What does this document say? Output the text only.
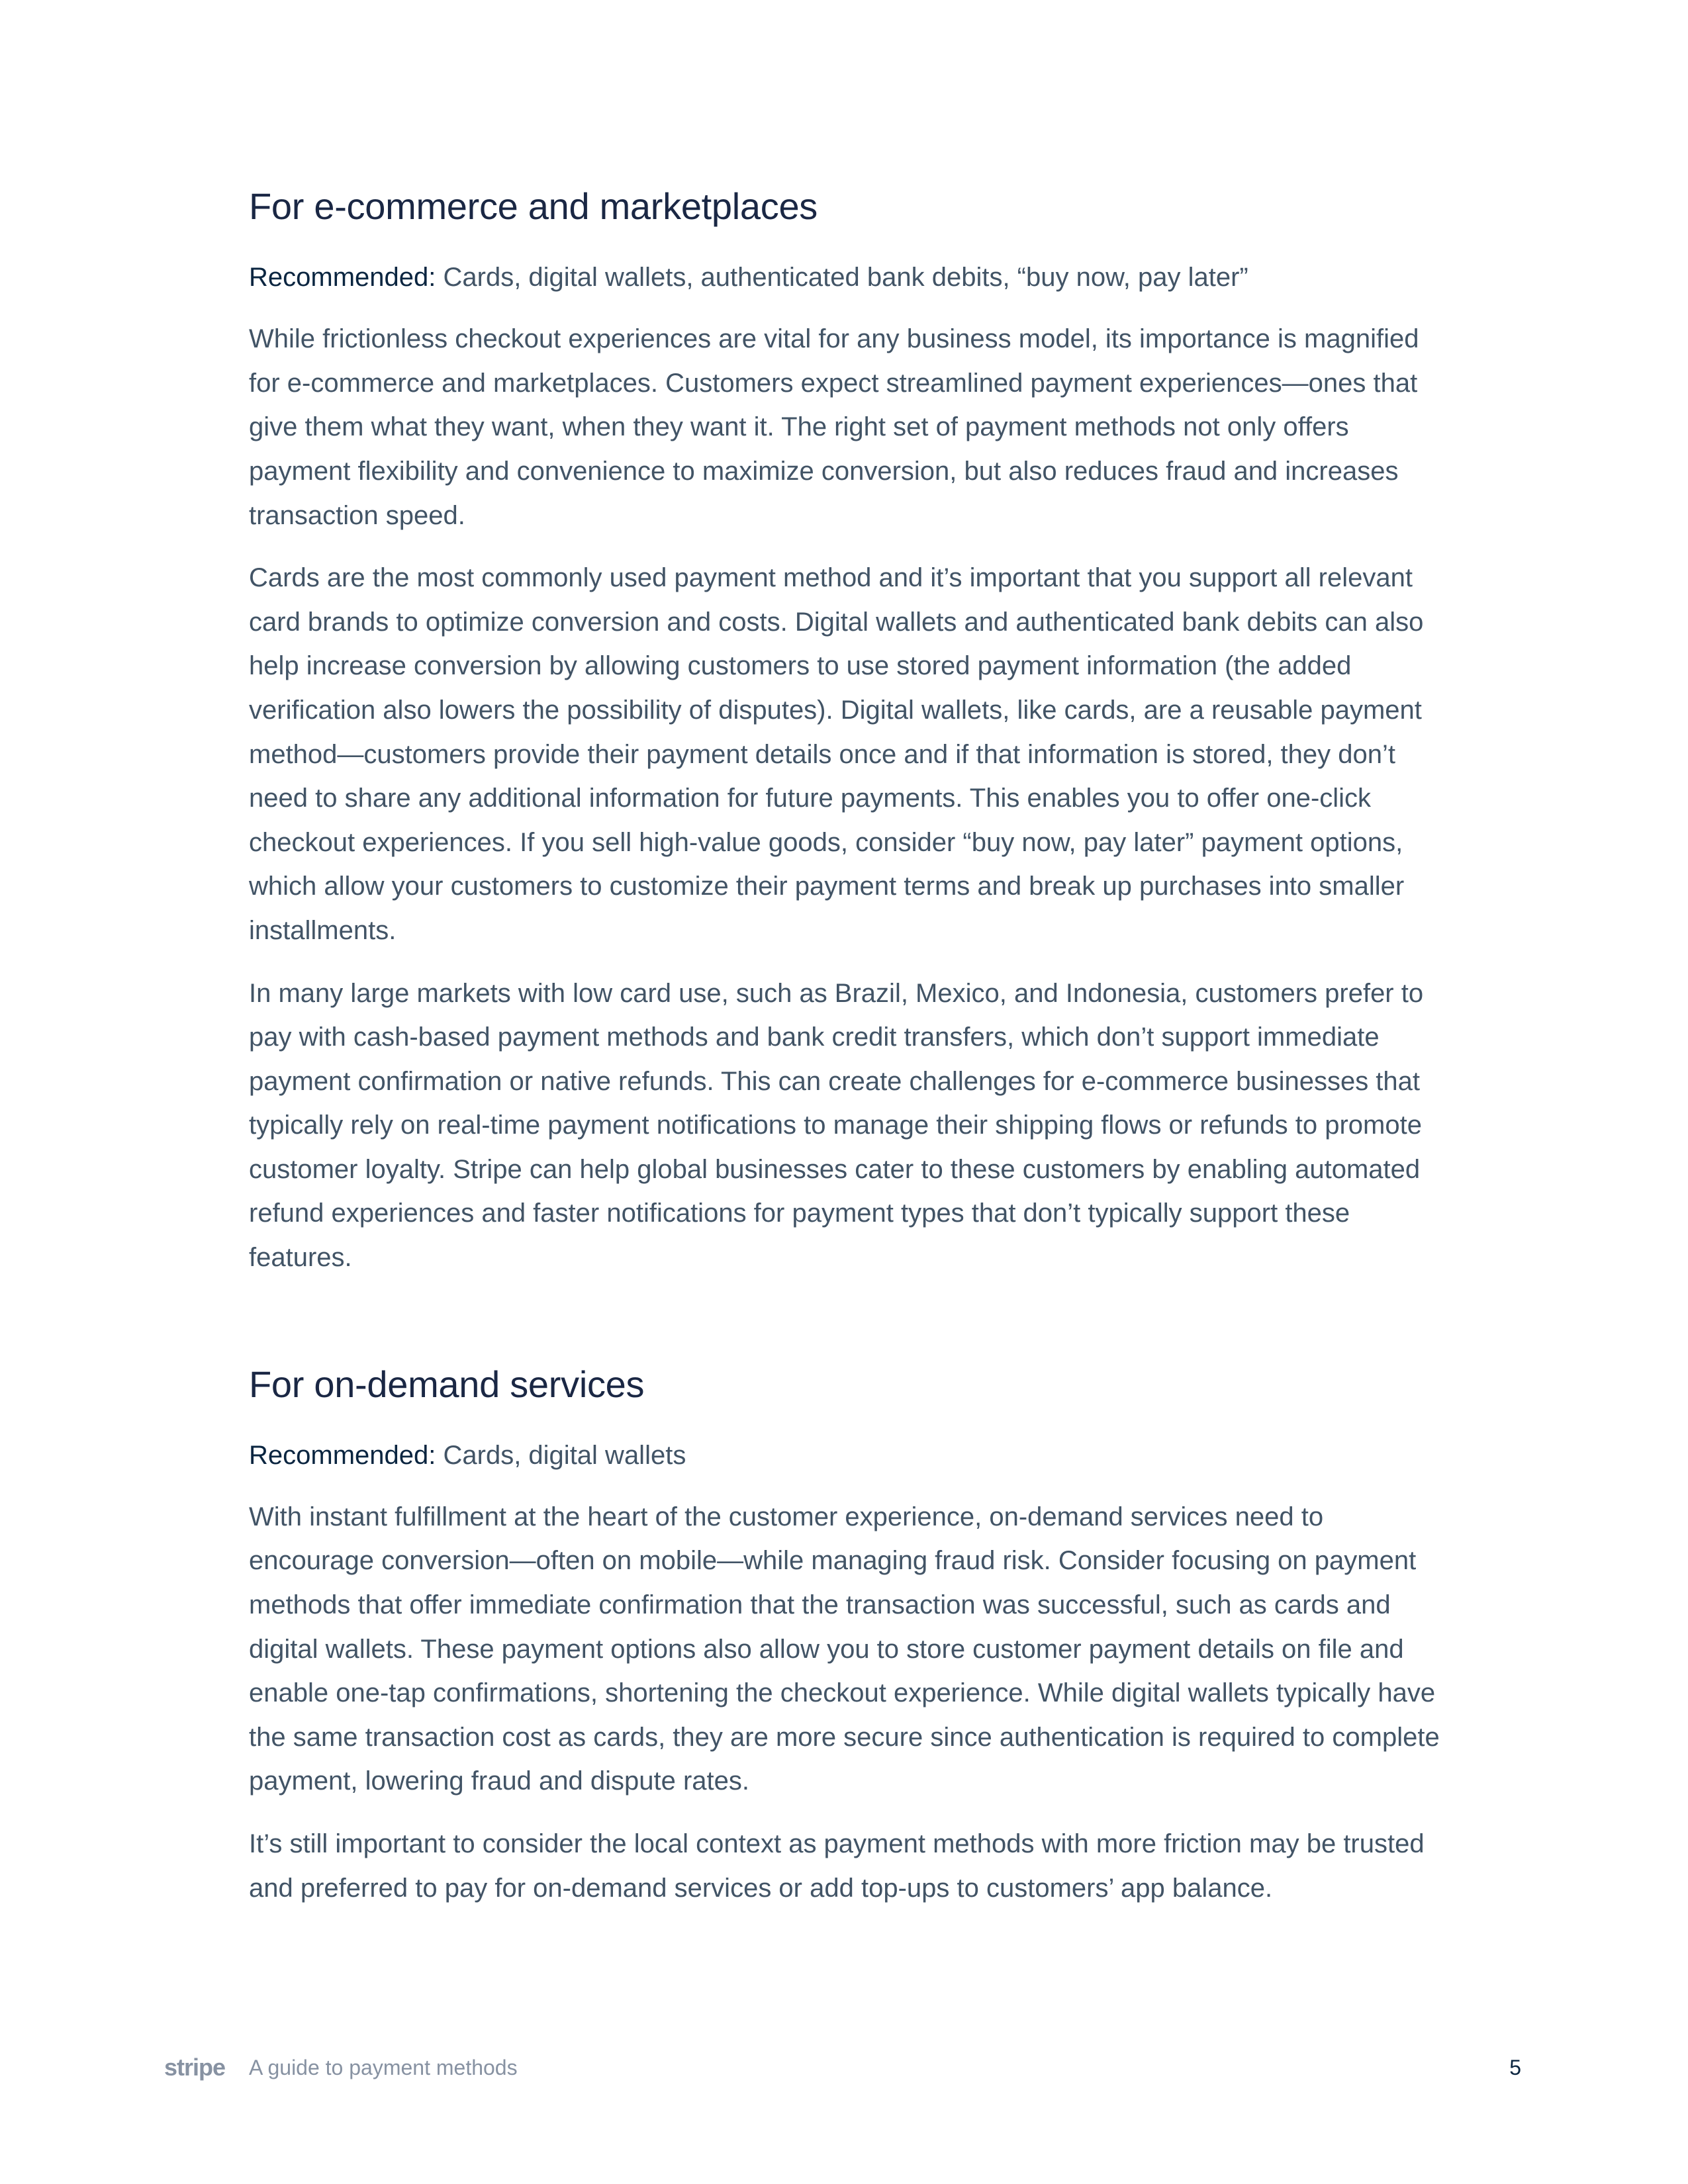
For e-commerce and marketplaces

Recommended: Cards, digital wallets, authenticated bank debits, “buy now, pay later”

While frictionless checkout experiences are vital for any business model, its importance is magnified for e-commerce and marketplaces. Customers expect streamlined payment experiences—ones that give them what they want, when they want it. The right set of payment methods not only offers payment flexibility and convenience to maximize conversion, but also reduces fraud and increases transaction speed.

Cards are the most commonly used payment method and it’s important that you support all relevant card brands to optimize conversion and costs. Digital wallets and authenticated bank debits can also help increase conversion by allowing customers to use stored payment information (the added verification also lowers the possibility of disputes). Digital wallets, like cards, are a reusable payment method—customers provide their payment details once and if that information is stored, they don’t need to share any additional information for future payments. This enables you to offer one-click checkout experiences. If you sell high-value goods, consider “buy now, pay later” payment options, which allow your customers to customize their payment terms and break up purchases into smaller installments.

In many large markets with low card use, such as Brazil, Mexico, and Indonesia, customers prefer to pay with cash-based payment methods and bank credit transfers, which don’t support immediate payment confirmation or native refunds. This can create challenges for e-commerce businesses that typically rely on real-time payment notifications to manage their shipping flows or refunds to promote customer loyalty. Stripe can help global businesses cater to these customers by enabling automated refund experiences and faster notifications for payment types that don’t typically support these features.

For on-demand services

Recommended: Cards, digital wallets

With instant fulfillment at the heart of the customer experience, on-demand services need to encourage conversion—often on mobile—while managing fraud risk. Consider focusing on payment methods that offer immediate confirmation that the transaction was successful, such as cards and digital wallets. These payment options also allow you to store customer payment details on file and enable one-tap confirmations, shortening the checkout experience. While digital wallets typically have the same transaction cost as cards, they are more secure since authentication is required to complete payment, lowering fraud and dispute rates.

It’s still important to consider the local context as payment methods with more friction may be trusted and preferred to pay for on-demand services or add top-ups to customers’ app balance.

stripe	A guide to payment methods	5
